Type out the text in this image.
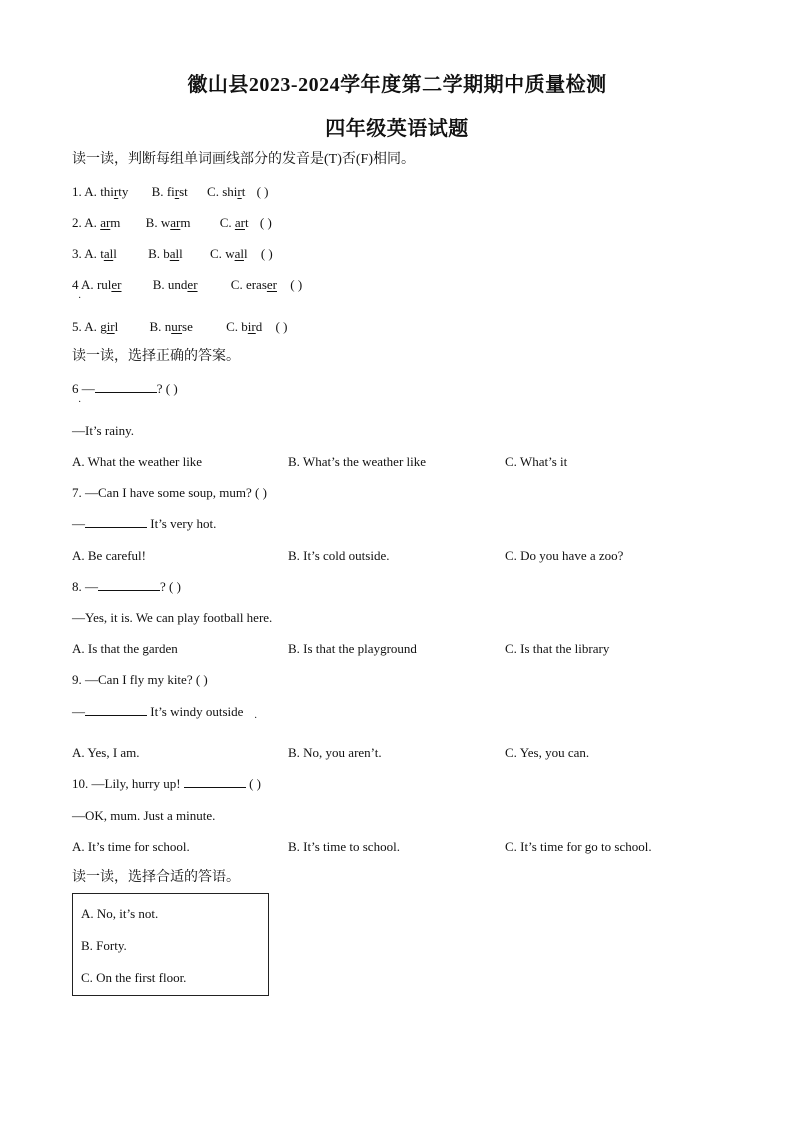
徽山县2023-2024学年度第二学期期中质量检测
四年级英语试题
读一读，判断每组单词画线部分的发音是(T)否(F)相同。
1. A. thirty B. first C. shirt ( )
2. A. arm B. warm C. art ( )
3. A. tall B. ball C. wall ( )
4 A. ruler B. under	C. eraser ( )
·
5. A. girl B. nurse	C. bird ( )
读一读，选择正确的答案。
6 —	? ( )
·
—It’s rainy.
A. What the weather like	B. What’s the weather like	C. What’s it
7. —Can I have some soup, mum? ( )
—	It’s very hot.
A. Be careful!	B. It’s cold outside.	C. Do you have a zoo?
8. —	? ( )
—Yes, it is. We can play football here.
A. Is that the garden	B. Is that the playground	C. Is that the library
9. —Can I fly my kite? ( )
—	It’s windy outside ·
A. Yes, I am.	B. No, you aren’t.	C. Yes, you can.
10. —Lily, hurry up!	( )
—OK, mum. Just a minute.
A. It’s time for school.	B. It’s time to school.	C. It’s time for go to school.
读一读，选择合适的答语。
A. No, it’s not.
B. Forty.
C. On the first floor.
